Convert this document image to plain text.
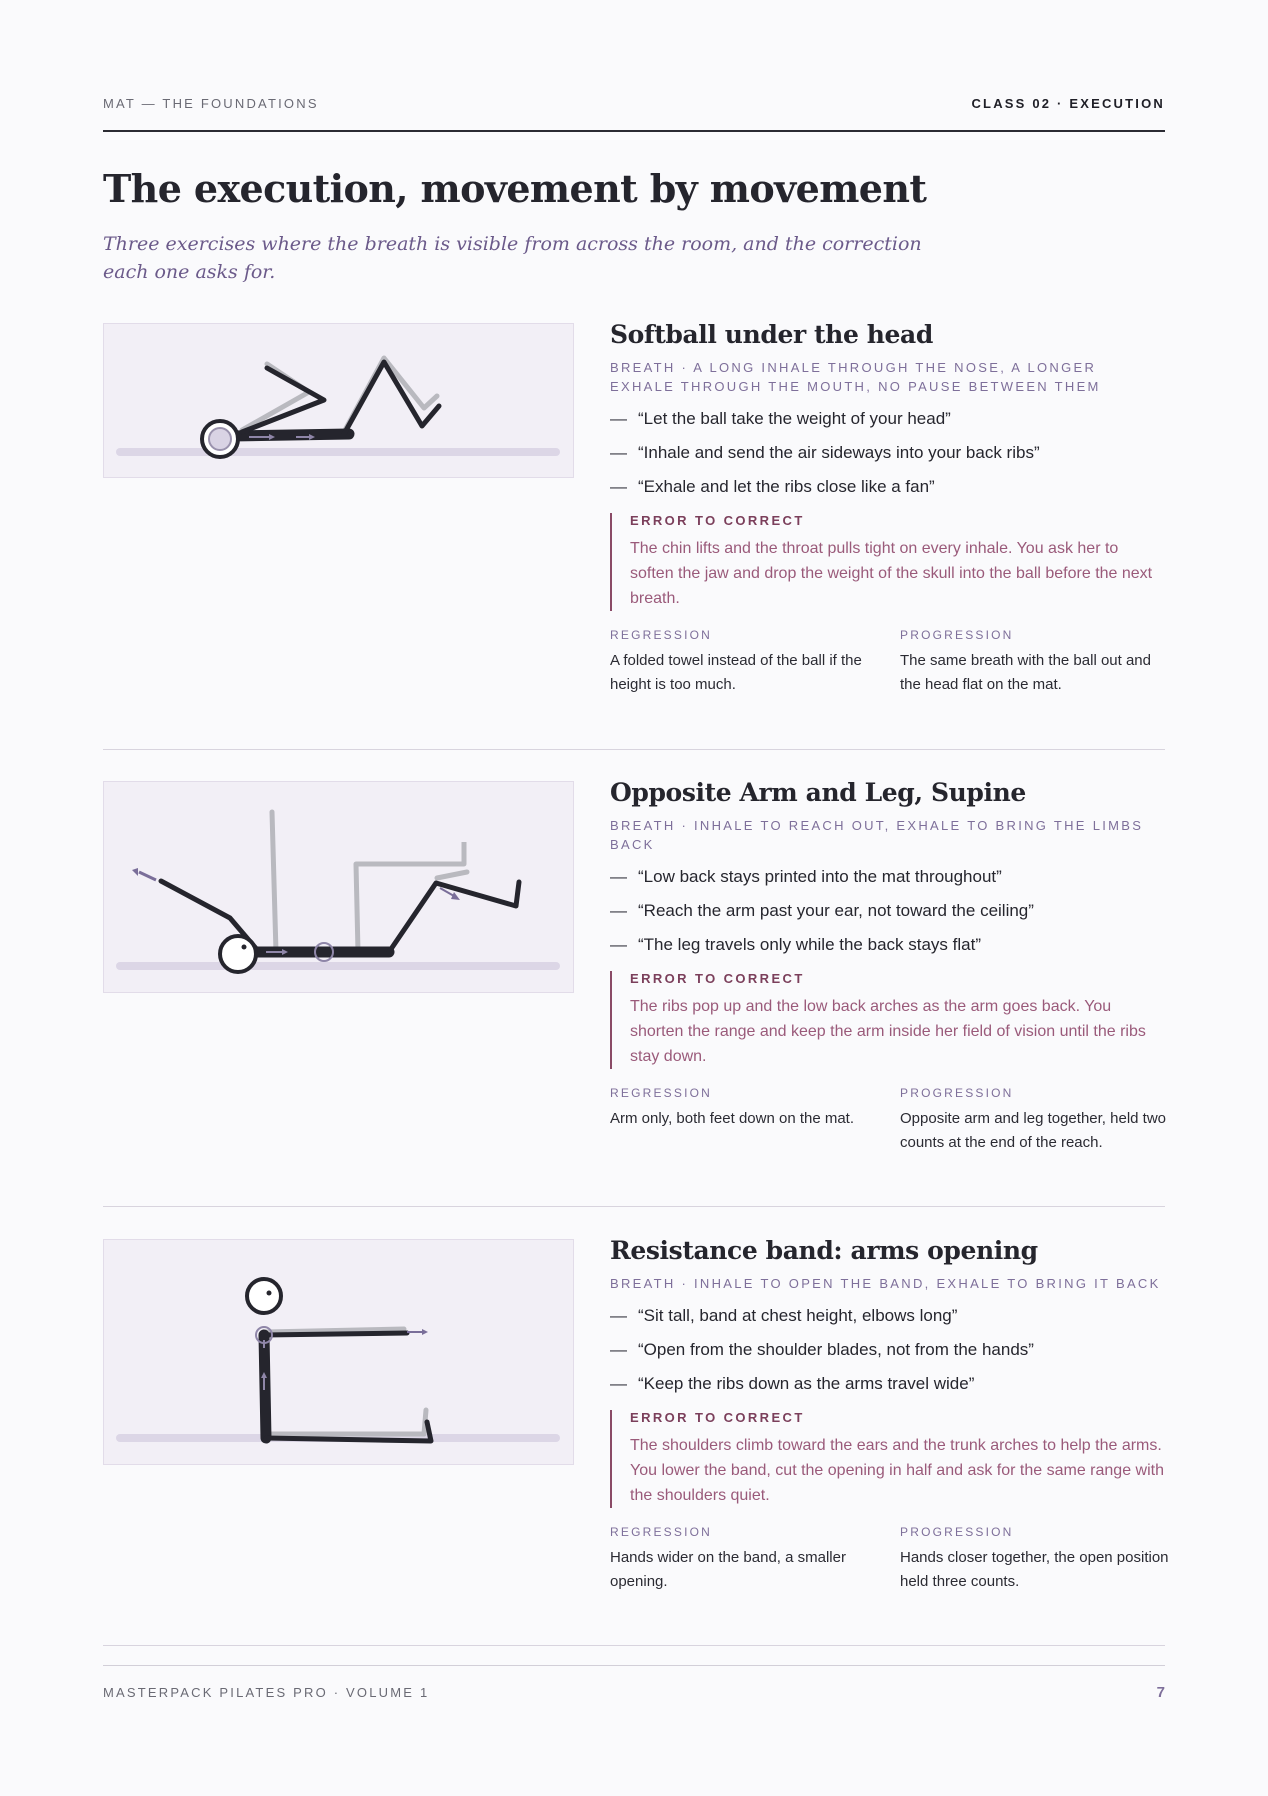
MAT — THE FOUNDATIONS	CLASS 02 · EXECUTION
The execution, movement by movement

Three exercises where the breath is visible from across the room, and the correction each one asks for.

Softball under the head
BREATH · A LONG INHALE THROUGH THE NOSE, A LONGER EXHALE THROUGH THE MOUTH, NO PAUSE BETWEEN THEM
— “Let the ball take the weight of your head”
— “Inhale and send the air sideways into your back ribs”
— “Exhale and let the ribs close like a fan”
ERROR TO CORRECT
The chin lifts and the throat pulls tight on every inhale. You ask her to soften the jaw and drop the weight of the skull into the ball before the next breath.
REGRESSION
A folded towel instead of the ball if the height is too much.
PROGRESSION
The same breath with the ball out and the head flat on the mat.
Opposite Arm and Leg, Supine
BREATH · INHALE TO REACH OUT, EXHALE TO BRING THE LIMBS BACK
— “Low back stays printed into the mat throughout”
— “Reach the arm past your ear, not toward the ceiling”
— “The leg travels only while the back stays flat”
ERROR TO CORRECT
The ribs pop up and the low back arches as the arm goes back. You shorten the range and keep the arm inside her field of vision until the ribs stay down.
REGRESSION
Arm only, both feet down on the mat.
PROGRESSION
Opposite arm and leg together, held two counts at the end of the reach.
Resistance band: arms opening
BREATH · INHALE TO OPEN THE BAND, EXHALE TO BRING IT BACK
— “Sit tall, band at chest height, elbows long”
— “Open from the shoulder blades, not from the hands”
— “Keep the ribs down as the arms travel wide”
ERROR TO CORRECT
The shoulders climb toward the ears and the trunk arches to help the arms. You lower the band, cut the opening in half and ask for the same range with the shoulders quiet.
REGRESSION
Hands wider on the band, a smaller opening.
PROGRESSION
Hands closer together, the open position held three counts.
MASTERPACK PILATES PRO · VOLUME 1	7
